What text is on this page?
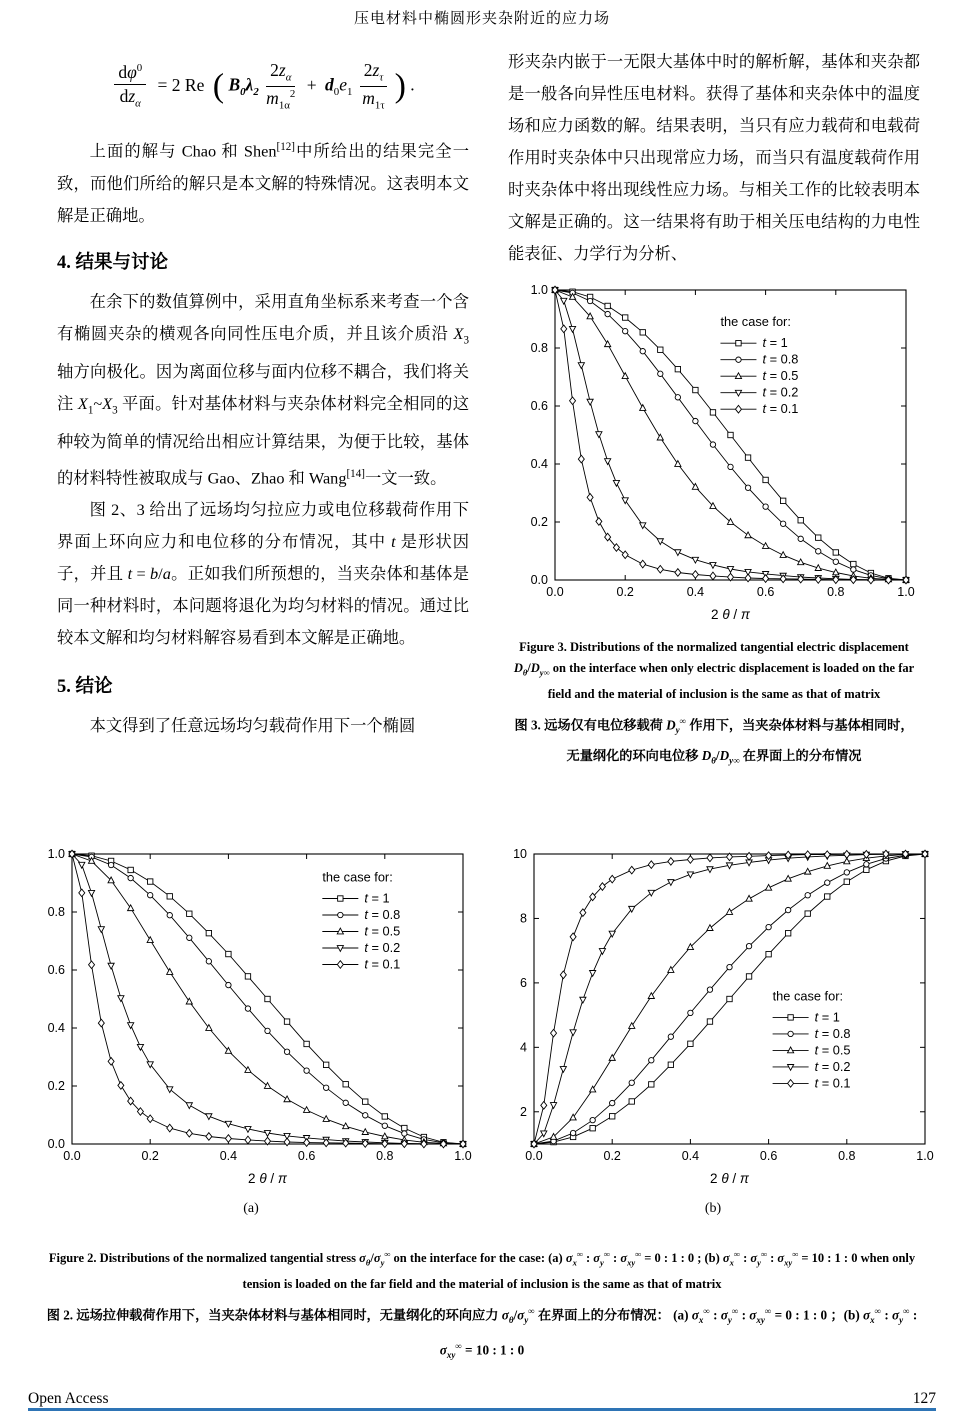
压电材料中椭圆形夹杂附近的应力场
$\frac{d\varphi^0}{dz_\alpha} = 2$ Re ( $B_0\lambda_2 \frac{2z_\alpha}{m_{1\alpha}^2} + d_0e_1 \frac{2z_\tau}{m_{1\tau}}$ ) .

上面的解与 Chao 和 Shen[12]中所给出的结果完全一致，而他们所给的解只是本文解的特殊情况。这表明本文解是正确地。

4. 结果与讨论

在余下的数值算例中，采用直角坐标系来考查一个含有椭圆夹杂的横观各向同性压电介质，并且该介质沿 $X_3$ 轴方向极化。因为离面位移与面内位移不耦合，我们将关注 $X_1\sim X_3$ 平面。针对基体材料与夹杂体材料完全相同的这种较为简单的情况给出相应计算结果，为便于比较，基体的材料特性被取成与 Gao、Zhao 和 Wang[14]一文一致。

图 2、3 给出了远场均匀拉应力或电位移载荷作用下界面上环向应力和电位移的分布情况，其中 t 是形状因子，并且 t = b/a。正如我们所预想的，当夹杂体和基体是同一种材料时，本问题将退化为均匀材料的情况。通过比较本文解和均匀材料解容易看到本文解是正确地。

5. 结论

本文得到了任意远场均匀载荷作用下一个椭圆

形夹杂内嵌于一无限大基体中时的解析解，基体和夹杂都是一般各向异性压电材料。获得了基体和夹杂体中的温度场和应力函数的解。结果表明，当只有应力载荷和电载荷作用时夹杂体中只出现常应力场，而当只有温度载荷作用时夹杂体中将出现线性应力场。与相关工作的比较表明本文解是正确的。这一结果将有助于相关压电结构的力电性能表征、力学行为分析、

0.0	0.2	0.4	0.6	0.8	1.0
0.0
0.2
0.4
0.6
0.8
1.0
2 θ / π
the case for:
t = 1
t = 0.8
t = 0.5
t = 0.2
t = 0.1
Figure 3. Distributions of the normalized tangential electric displacement $D_\theta/D_{y\infty}$ on the interface when only electric displacement is loaded on the far field and the material of inclusion is the same as that of matrix
图 3. 远场仅有电位移载荷 $D_y^\infty$ 作用下，当夹杂体材料与基体相同时，无量纲化的环向电位移 $D_\theta/D_{y\infty}$ 在界面上的分布情况
0.0	0.2	0.4	0.6	0.8	1.0
0.0
0.2
0.4
0.6
0.8
1.0
2 θ / π
the case for:
t = 1
t = 0.8
t = 0.5
t = 0.2
t = 0.1
(a)
0.0	0.2	0.4	0.6	0.8	1.0
2
4
6
8
10
2 θ / π
the case for:
t = 1
t = 0.8
t = 0.5
t = 0.2
t = 0.1
(b)
Figure 2. Distributions of the normalized tangential stress $\sigma_\theta/\sigma_y^\infty$ on the interface for the case: (a) $\sigma_x^\infty$ : $\sigma_y^\infty$ : $\sigma_{xy}^\infty = 0$ : 1 : 0 ; (b) $\sigma_x^\infty$ : $\sigma_y^\infty$ : $\sigma_{xy}^\infty = 10$ : 1 : 0 when only tension is loaded on the far field and the material of inclusion is the same as that of matrix
图 2. 远场拉伸载荷作用下，当夹杂体材料与基体相同时，无量纲化的环向应力 $\sigma_\theta/\sigma_y^\infty$ 在界面上的分布情况： (a) $\sigma_x^\infty$ : $\sigma_y^\infty$ : $\sigma_{xy}^\infty = 0$ : 1 : 0 ；(b) $\sigma_x^\infty$ : $\sigma_y^\infty$ : $\sigma_{xy}^\infty = 10$ : 1 : 0
Open Access	127
